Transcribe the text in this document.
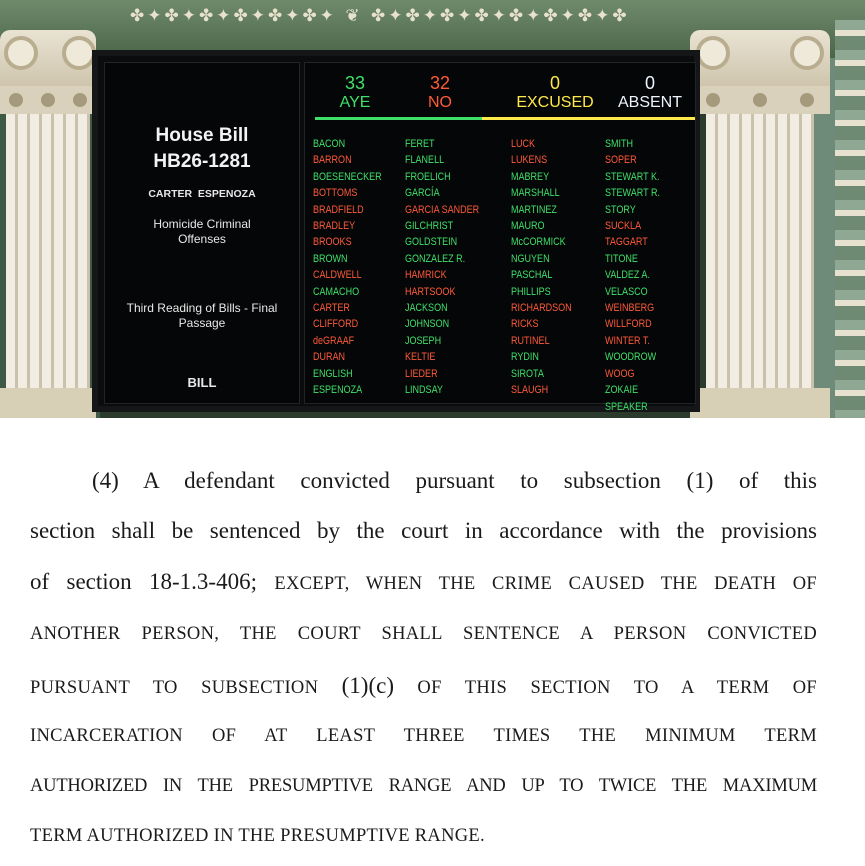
✤✦✤✦✤✦✤✦✤✦✤✦ ❦ ✤✦✤✦✤✦✤✦✤✦✤✦✤✦✤
House Bill
HB26-1281
CARTER  ESPENOZA
Homicide Criminal
Offenses
Third Reading of Bills - Final
Passage
BILL
33
AYE
32
NO
0
EXCUSED
0
ABSENT
BACON
BARRON
BOESENECKER
BOTTOMS
BRADFIELD
BRADLEY
BROOKS
BROWN
CALDWELL
CAMACHO
CARTER
CLIFFORD
deGRAAF
DURAN
ENGLISH
ESPENOZA
FERET
FLANELL
FROELICH
GARCÍA
GARCIA SANDER
GILCHRIST
GOLDSTEIN
GONZALEZ R.
HAMRICK
HARTSOOK
JACKSON
JOHNSON
JOSEPH
KELTIE
LIEDER
LINDSAY
LUCK
LUKENS
MABREY
MARSHALL
MARTINEZ
MAURO
McCORMICK
NGUYEN
PASCHAL
PHILLIPS
RICHARDSON
RICKS
RUTINEL
RYDIN
SIROTA
SLAUGH
SMITH
SOPER
STEWART K.
STEWART R.
STORY
SUCKLA
TAGGART
TITONE
VALDEZ A.
VELASCO
WEINBERG
WILLFORD
WINTER T.
WOODROW
WOOG
ZOKAIE
SPEAKER
(4) A defendant convicted pursuant to subsection (1) of this
section shall be sentenced by the court in accordance with the provisions
of section 18-1.3-406; EXCEPT, WHEN THE CRIME CAUSED THE DEATH OF
ANOTHER PERSON, THE COURT SHALL SENTENCE A PERSON CONVICTED
PURSUANT TO SUBSECTION (1)(c) OF THIS SECTION TO A TERM OF
INCARCERATION OF AT LEAST THREE TIMES THE MINIMUM TERM
AUTHORIZED IN THE PRESUMPTIVE RANGE AND UP TO TWICE THE MAXIMUM
TERM AUTHORIZED IN THE PRESUMPTIVE RANGE.
